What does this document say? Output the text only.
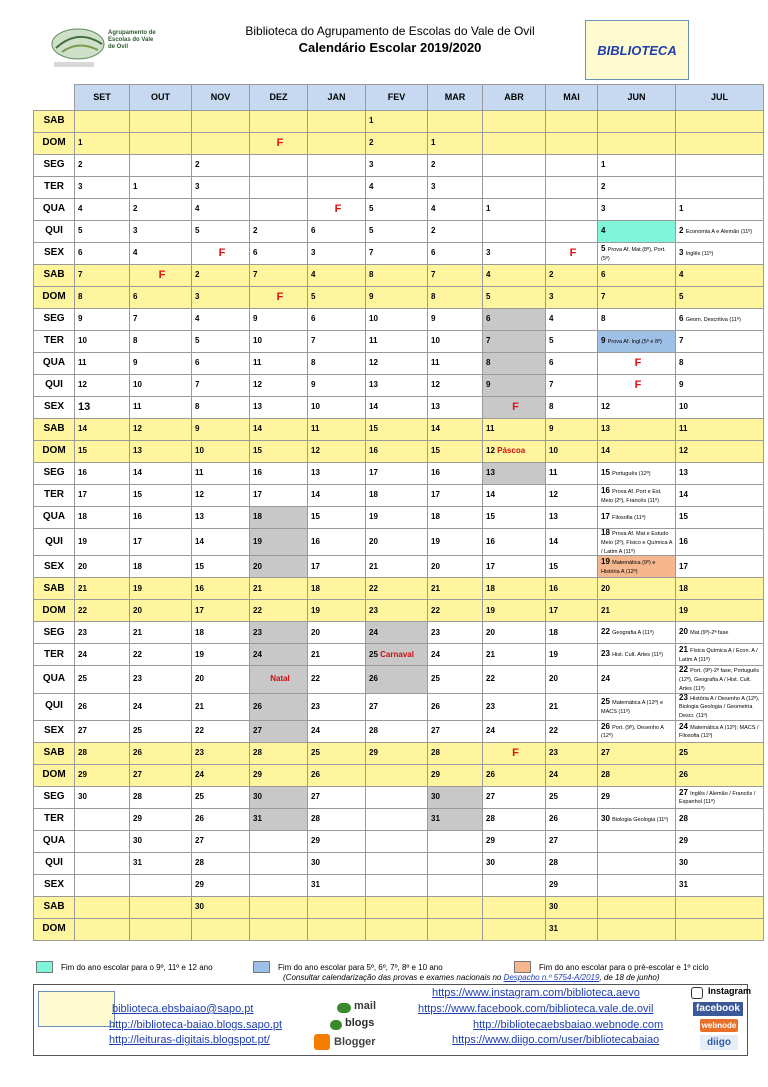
Agrupamento de Escolas do Vale de Ovil	BIBLIOTECA
Biblioteca do Agrupamento de Escolas do Vale de Ovil
Calendário Escolar 2019/2020
	SET	OUT	NOV	DEZ	JAN	FEV	MAR	ABR	MAI	JUN	JUL
SAB						1					
DOM	1			F		2	1				
SEG	2		2			3	2			1	
TER	3	1	3			4	3			2	
QUA	4	2	4		F	5	4	1		3	1
QUI	5	3	5	2	6	5	2			4	2 Economia A e Alemão (11º)
SEX	6	4	F	6	3	7	6	3	F	5 Prova Af. Mat.(8º), Port. (5º)	3 Inglês (11º)
SAB	7	F	2	7	4	8	7	4	2	6	4
DOM	8	6	3	F	5	9	8	5	3	7	5
SEG	9	7	4	9	6	10	9	6	4	8	6 Geom. Descritiva (11º)
TER	10	8	5	10	7	11	10	7	5	9 Prova Af. Ingl.(5º e 8º)	7
QUA	11	9	6	11	8	12	11	8	6	F	8
QUI	12	10	7	12	9	13	12	9	7	F	9
SEX	13	11	8	13	10	14	13	F	8	12	10
SAB	14	12	9	14	11	15	14	11	9	13	11
DOM	15	13	10	15	12	16	15	12 Páscoa	10	14	12
SEG	16	14	11	16	13	17	16	13	11	15 Português (12º)	13
TER	17	15	12	17	14	18	17	14	12	16 Prova Af. Port e Est. Meio (2º), Francês (11º)	14
QUA	18	16	13	18	15	19	18	15	13	17 Filosofia (11º)	15
QUI	19	17	14	19	16	20	19	16	14	18 Prova Af. Mat e Estudo Meio (2º), Físico e Química A / Latim A (11º)	16
SEX	20	18	15	20	17	21	20	17	15	19 Matemática (9º) e História A (12º)	17
SAB	21	19	16	21	18	22	21	18	16	20	18
DOM	22	20	17	22	19	23	22	19	17	21	19
SEG	23	21	18	23	20	24	23	20	18	22 Geografia A (11º)	20 Mat.(9º)-2ª fase
TER	24	22	19	24	21	25 Carnaval	24	21	19	23 Hist. Cult. Artes (11º)	21 Física Química A / Econ. A / Latim A (11º)
QUA	25	23	20	Natal	22	26	25	22	20	24	22 Port. (9º)-2ª fase, Português (12º), Geografia A / Hist. Cult. Artes (11º)
QUI	26	24	21	26	23	27	26	23	21	25 Matemática A (12º) e MACS (11º)	23 História A / Desenho A (12º), Biologia Geologia / Geometria Descr. (11º)
SEX	27	25	22	27	24	28	27	24	22	26 Port. (9º), Desenho A (12º)	24 Matemática A (12º); MACS / Filosofia (11º)
SAB	28	26	23	28	25	29	28	F	23	27	25
DOM	29	27	24	29	26		29	26	24	28	26
SEG	30	28	25	30	27		30	27	25	29	27 Inglês / Alemão / Francês / Espanhol (11º)
TER		29	26	31	28		31	28	26	30 Biologia Geologia (11º)	28
QUA		30	27		29			29	27		29
QUI		31	28		30			30	28		30
SEX			29		31				29		31
SAB			30						30		
DOM									31		
Fim do ano escolar para o 9º, 11º e 12 ano	Fim do ano escolar para 5º, 6º, 7º, 8º e 10 ano	Fim do ano escolar para o pré-escolar e 1º ciclo
(Consultar calendarização das provas e exames nacionais no Despacho n.º 5754-A/2019, de 18 de junho)
biblioteca.ebsbaiao@sapo.pt
http://biblioteca-baiao.blogs.sapo.pt
http://leituras-digitais.blogspot.pt/
mail
blogs
Blogger
https://www.instagram.com/biblioteca.aevo
https://www.facebook.com/biblioteca.vale.de.ovil
http://bibliotecaebsbaiao.webnode.com
https://www.diigo.com/user/bibliotecabaiao
Instagram
facebook
webnode
diigo
